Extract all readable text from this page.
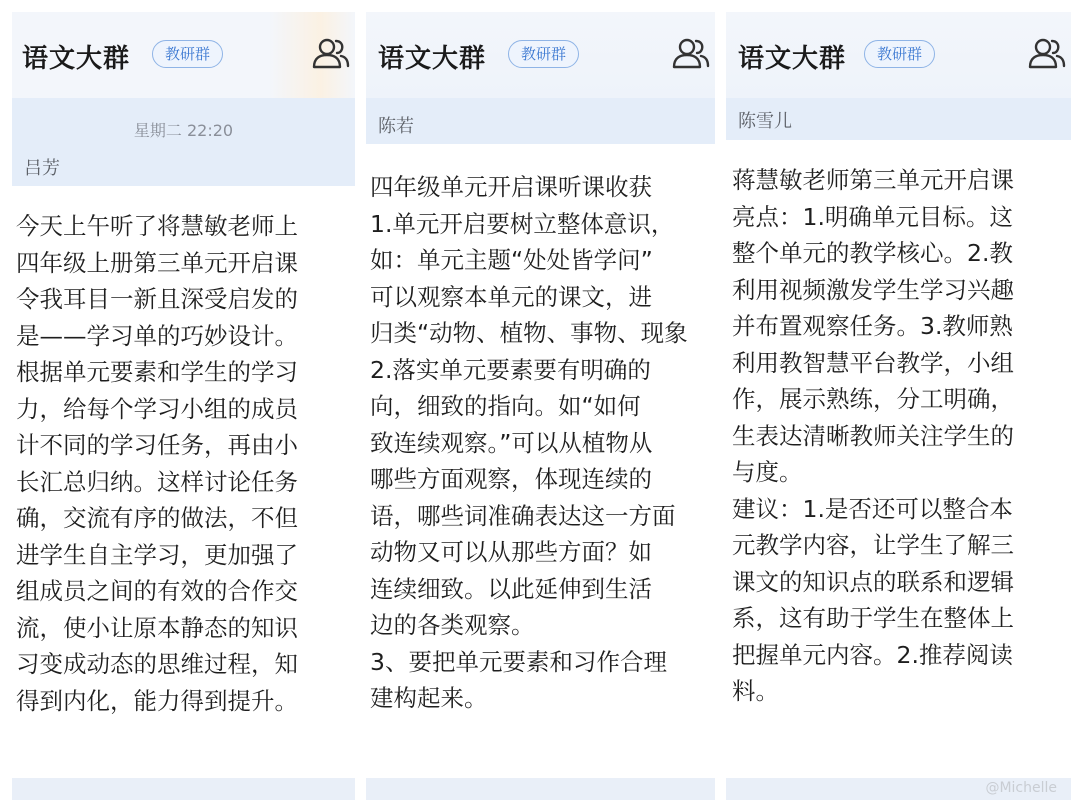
语文大群	教研群
星期二 22:20
吕芳
今天上午听了将慧敏老师上
四年级上册第三单元开启课
令我耳目一新且深受启发的
是——学习单的巧妙设计。
根据单元要素和学生的学习
力，给每个学习小组的成员
计不同的学习任务，再由小
长汇总归纳。这样讨论任务
确，交流有序的做法，不但
进学生自主学习，更加强了
组成员之间的有效的合作交
流，使小让原本静态的知识
习变成动态的思维过程，知
得到内化，能力得到提升。
语文大群	教研群
陈若
四年级单元开启课听课收获
1.单元开启要树立整体意识，
如：单元主题“处处皆学问”
可以观察本单元的课文，进
归类“动物、植物、事物、现象
2.落实单元要素要有明确的
向，细致的指向。如“如何
致连续观察。”可以从植物从
哪些方面观察，体现连续的
语，哪些词准确表达这一方面
动物又可以从那些方面？如
连续细致。以此延伸到生活
边的各类观察。
3、要把单元要素和习作合理
建构起来。
语文大群	教研群
陈雪儿
蒋慧敏老师第三单元开启课
亮点：1.明确单元目标。这
整个单元的教学核心。2.教
利用视频激发学生学习兴趣
并布置观察任务。3.教师熟
利用教智慧平台教学，小组
作，展示熟练，分工明确，
生表达清晰教师关注学生的
与度。
建议：1.是否还可以整合本
元教学内容，让学生了解三
课文的知识点的联系和逻辑
系，这有助于学生在整体上
把握单元内容。2.推荐阅读
料。
@Michelle
